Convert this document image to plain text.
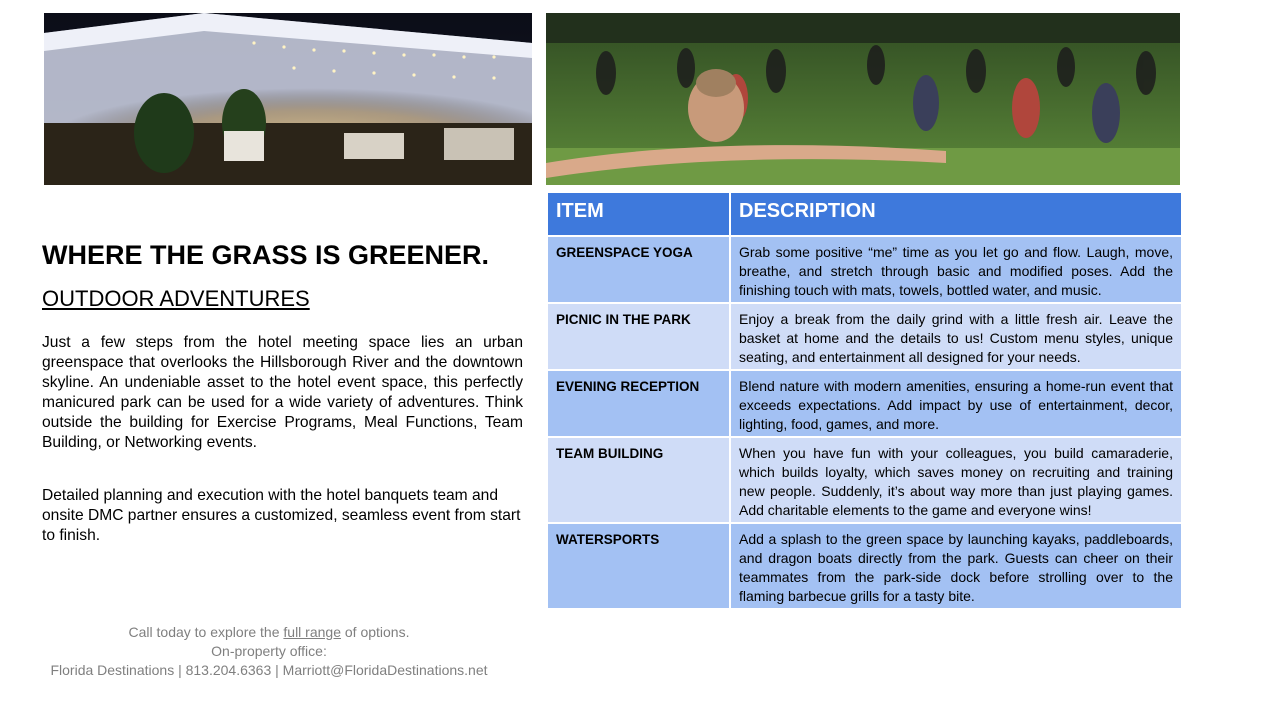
WHERE THE GRASS IS GREENER.
OUTDOOR ADVENTURES

Just a few steps from the hotel meeting space lies an urban greenspace that overlooks the Hillsborough River and the downtown skyline. An undeniable asset to the hotel event space, this perfectly manicured park can be used for a wide variety of adventures. Think outside the building for Exercise Programs, Meal Functions, Team Building, or Networking events.

Detailed planning and execution with the hotel banquets team and onsite DMC partner ensures a customized, seamless event from start to finish.

Call today to explore the full range of options.
On-property office:
Florida Destinations | 813.204.6363 | Marriott@FloridaDestinations.net
ITEM	DESCRIPTION
GREENSPACE YOGA	Grab some positive “me” time as you let go and flow. Laugh, move, breathe, and stretch through basic and modified poses. Add the finishing touch with mats, towels, bottled water, and music.
PICNIC IN THE PARK	Enjoy a break from the daily grind with a little fresh air. Leave the basket at home and the details to us! Custom menu styles, unique seating, and entertainment all designed for your needs.
EVENING RECEPTION	Blend nature with modern amenities, ensuring a home-run event that exceeds expectations. Add impact by use of entertainment, decor, lighting, food, games, and more.
TEAM BUILDING	When you have fun with your colleagues, you build camaraderie, which builds loyalty, which saves money on recruiting and training new people. Suddenly, it’s about way more than just playing games. Add charitable elements to the game and everyone wins!
WATERSPORTS	Add a splash to the green space by launching kayaks, paddleboards, and dragon boats directly from the park. Guests can cheer on their teammates from the park-side dock before strolling over to the flaming barbecue grills for a tasty bite.
